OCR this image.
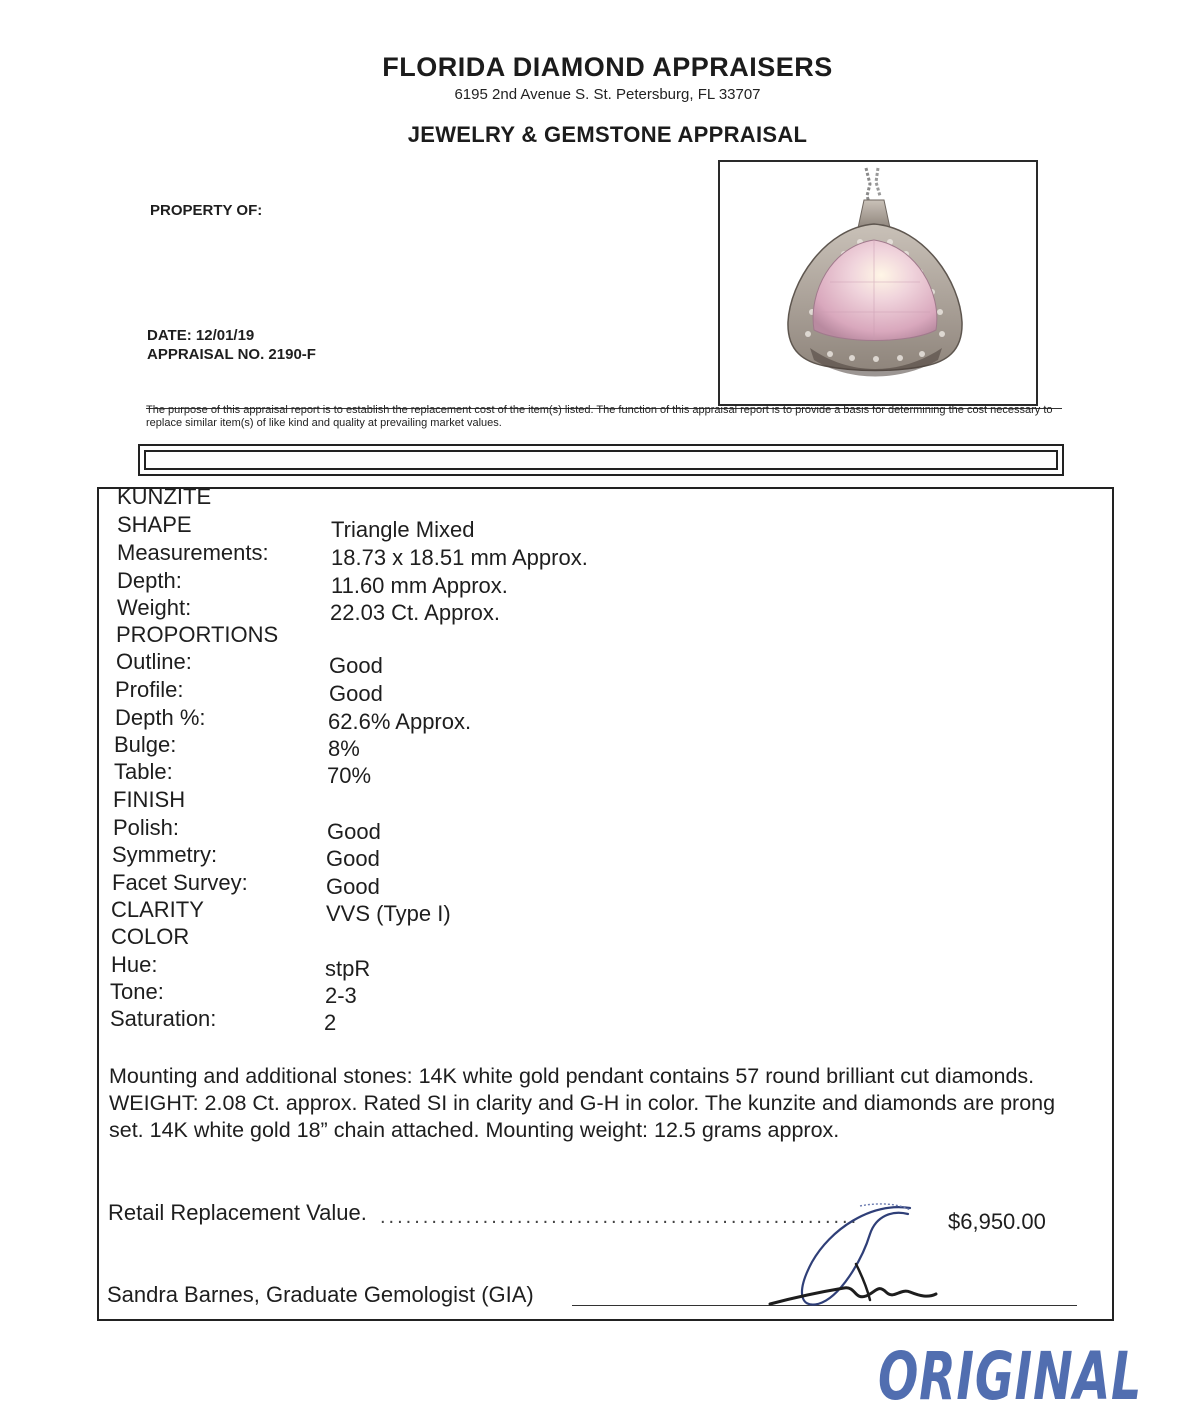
FLORIDA DIAMOND APPRAISERS
6195 2nd Avenue S. St. Petersburg, FL 33707
JEWELRY & GEMSTONE APPRAISAL
PROPERTY OF:
DATE: 12/01/19
APPRAISAL NO. 2190-F
The purpose of this appraisal report is to establish the replacement cost of the item(s) listed. The function of this appraisal report is to provide a basis for determining the cost necessary to replace similar item(s) of like kind and quality at prevailing market values.
KUNZITE
SHAPE	Triangle Mixed
Measurements:	18.73 x 18.51 mm Approx.
Depth:	11.60 mm Approx.
Weight:	22.03 Ct. Approx.
PROPORTIONS
Outline:	Good
Profile:	Good
Depth %:	62.6% Approx.
Bulge:	8%
Table:	70%
FINISH
Polish:	Good
Symmetry:	Good
Facet Survey:	Good
CLARITY	VVS (Type I)
COLOR
Hue:	stpR
Tone:	2-3
Saturation:	2
Mounting and additional stones: 14K white gold pendant contains 57 round brilliant cut diamonds. WEIGHT: 2.08 Ct. approx. Rated SI in clarity and G-H in color. The kunzite and diamonds are prong set. 14K white gold 18” chain attached. Mounting weight: 12.5 grams approx.
Retail Replacement Value. ........................................................	$6,950.00
Sandra Barnes, Graduate Gemologist (GIA)
ORIGINAL
